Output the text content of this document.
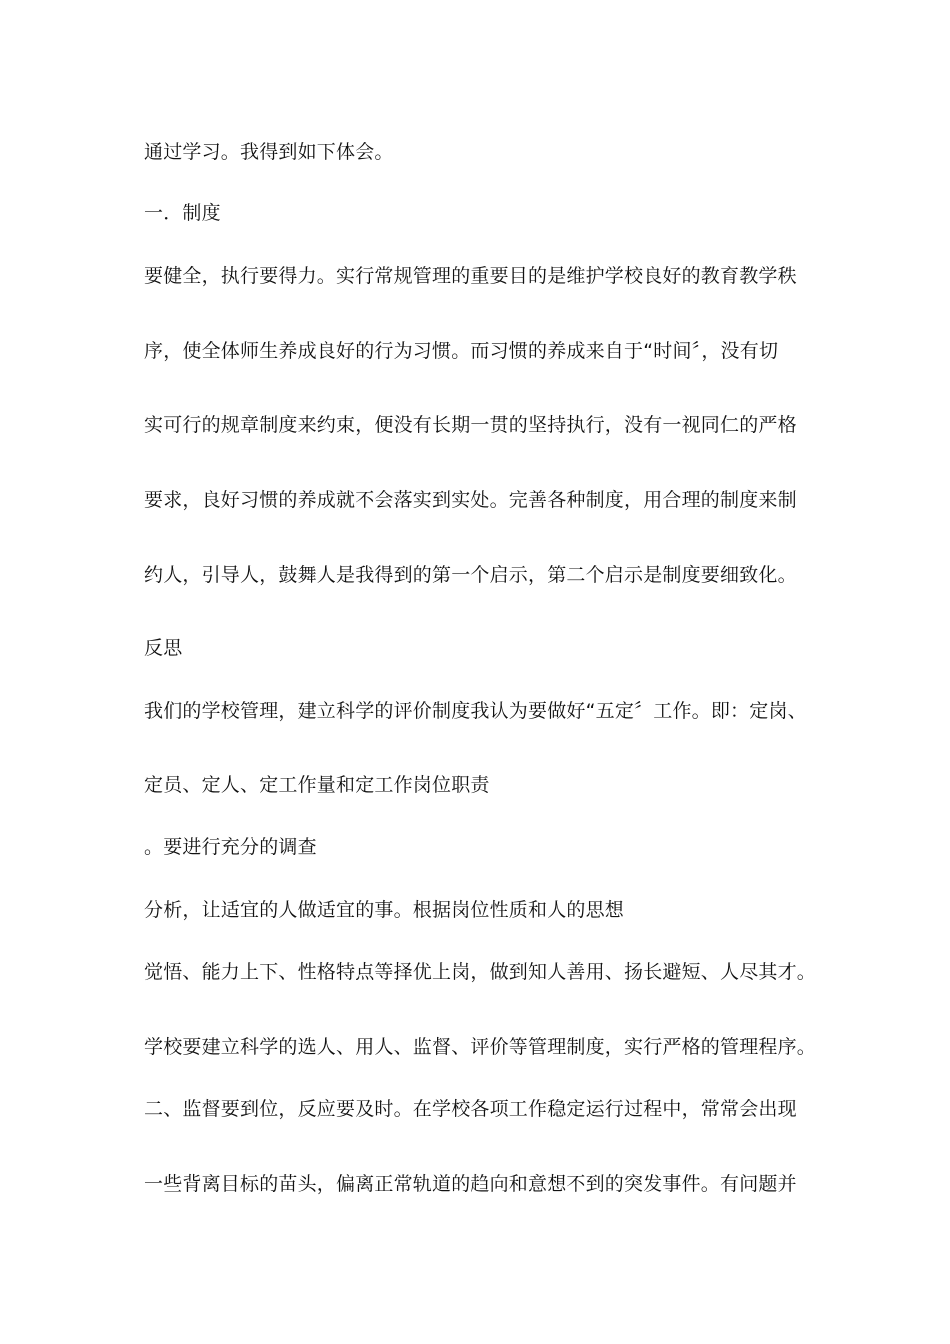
通过学习。我得到如下体会。
一．制度
要健全，执行要得力。实行常规管理的重要目的是维护学校良好的教育教学秩
序，使全体师生养成良好的行为习惯。而习惯的养成来自于“时间〞，没有切
实可行的规章制度来约束，便没有长期一贯的坚持执行，没有一视同仁的严格
要求，良好习惯的养成就不会落实到实处。完善各种制度，用合理的制度来制
约人，引导人，鼓舞人是我得到的第一个启示，第二个启示是制度要细致化。
反思
我们的学校管理，建立科学的评价制度我认为要做好“五定〞工作。即：定岗、
定员、定人、定工作量和定工作岗位职责
。要进行充分的调查
分析，让适宜的人做适宜的事。根据岗位性质和人的思想
觉悟、能力上下、性格特点等择优上岗，做到知人善用、扬长避短、人尽其才。
学校要建立科学的选人、用人、监督、评价等管理制度，实行严格的管理程序。
二、监督要到位，反应要及时。在学校各项工作稳定运行过程中，常常会出现
一些背离目标的苗头，偏离正常轨道的趋向和意想不到的突发事件。有问题并
